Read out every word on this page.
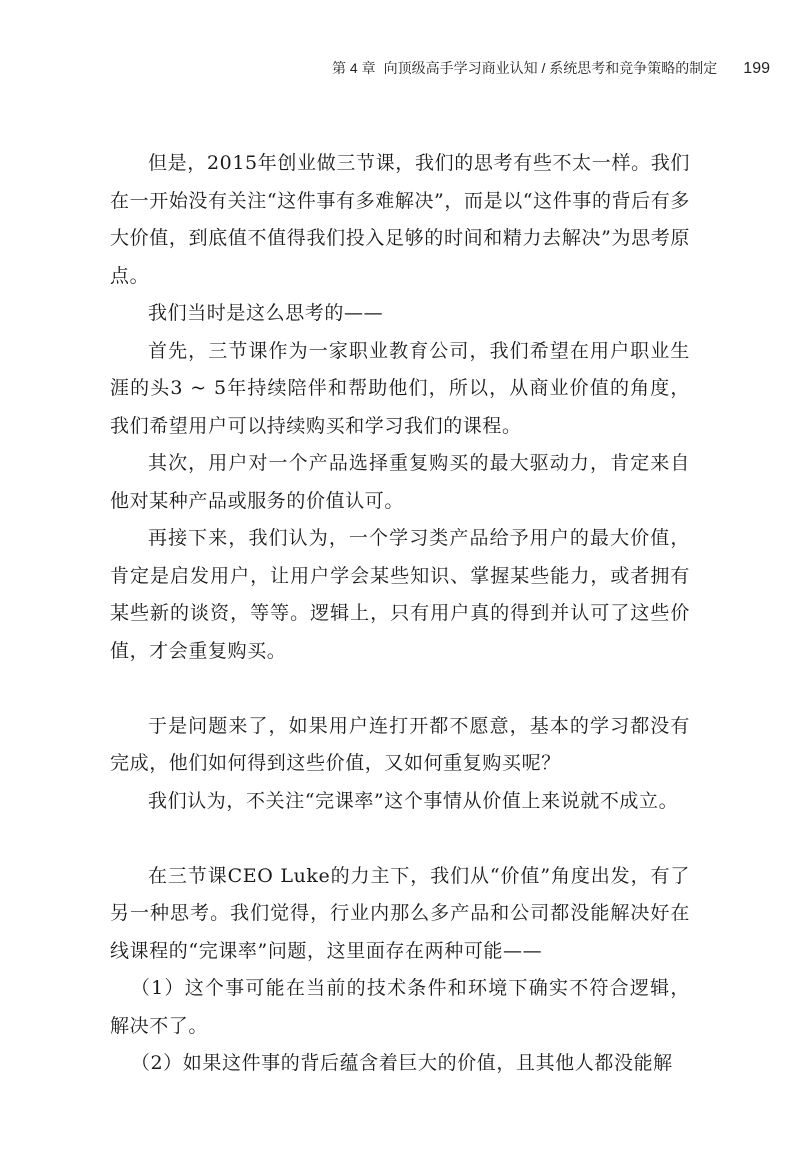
第 4 章 向顶级高手学习商业认知 / 系统思考和竞争策略的制定 199

但是，2015年创业做三节课，我们的思考有些不太一样。我们在一开始没有关注“这件事有多难解决”，而是以“这件事的背后有多大价值，到底值不值得我们投入足够的时间和精力去解决”为思考原点。

我们当时是这么思考的——

首先，三节课作为一家职业教育公司，我们希望在用户职业生涯的头3 ~ 5年持续陪伴和帮助他们，所以，从商业价值的角度，我们希望用户可以持续购买和学习我们的课程。

其次，用户对一个产品选择重复购买的最大驱动力，肯定来自他对某种产品或服务的价值认可。

再接下来，我们认为，一个学习类产品给予用户的最大价值，肯定是启发用户，让用户学会某些知识、掌握某些能力，或者拥有某些新的谈资，等等。逻辑上，只有用户真的得到并认可了这些价值，才会重复购买。

于是问题来了，如果用户连打开都不愿意，基本的学习都没有完成，他们如何得到这些价值，又如何重复购买呢？

我们认为，不关注“完课率”这个事情从价值上来说就不成立。

在三节课CEO Luke的力主下，我们从“价值”角度出发，有了另一种思考。我们觉得，行业内那么多产品和公司都没能解决好在线课程的“完课率”问题，这里面存在两种可能——

（1）这个事可能在当前的技术条件和环境下确实不符合逻辑，解决不了。

（2）如果这件事的背后蕴含着巨大的价值，且其他人都没能解
